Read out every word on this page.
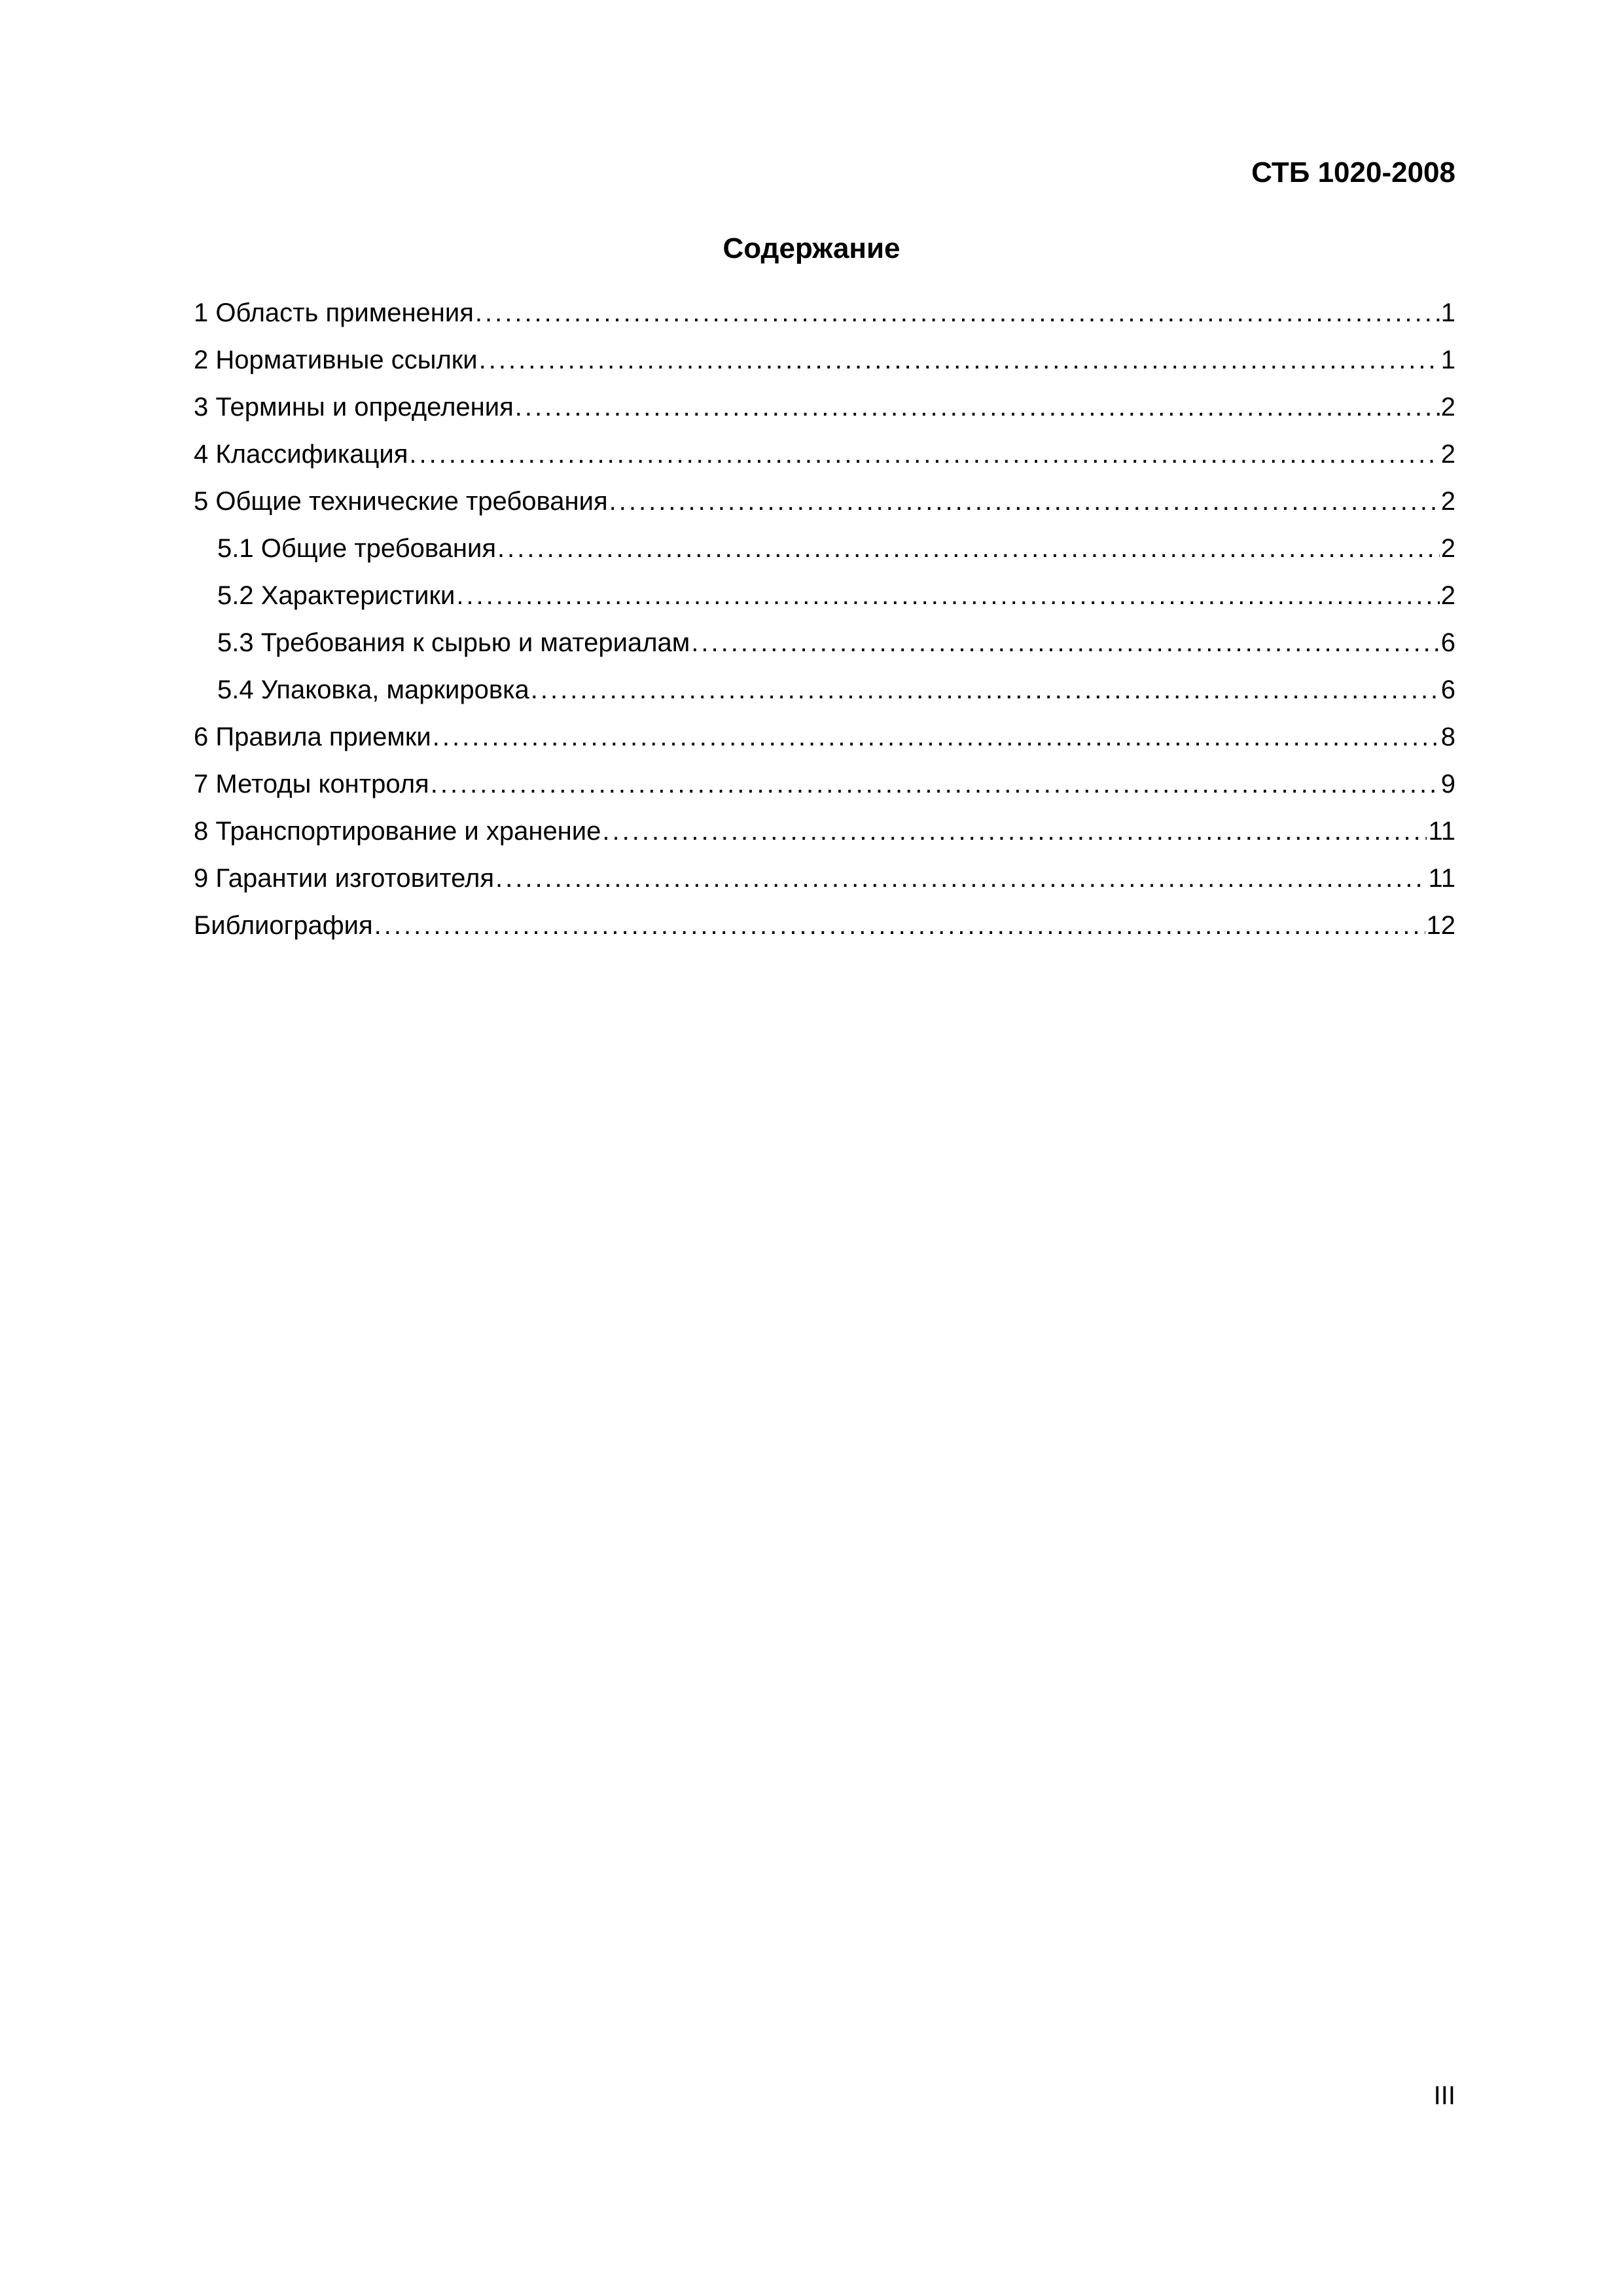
СТБ 1020-2008
Содержание
1 Область применения .....	1
2 Нормативные ссылки .....	1
3 Термины и определения .....	2
4 Классификация .....	2
5 Общие технические требования .....	2
5.1 Общие требования .....	2
5.2 Характеристики .....	2
5.3 Требования к сырью и материалам .....	6
5.4 Упаковка, маркировка .....	6
6 Правила приемки .....	8
7 Методы контроля .....	9
8 Транспортирование и хранение .....	11
9 Гарантии изготовителя .....	11
Библиография .....	12
III
